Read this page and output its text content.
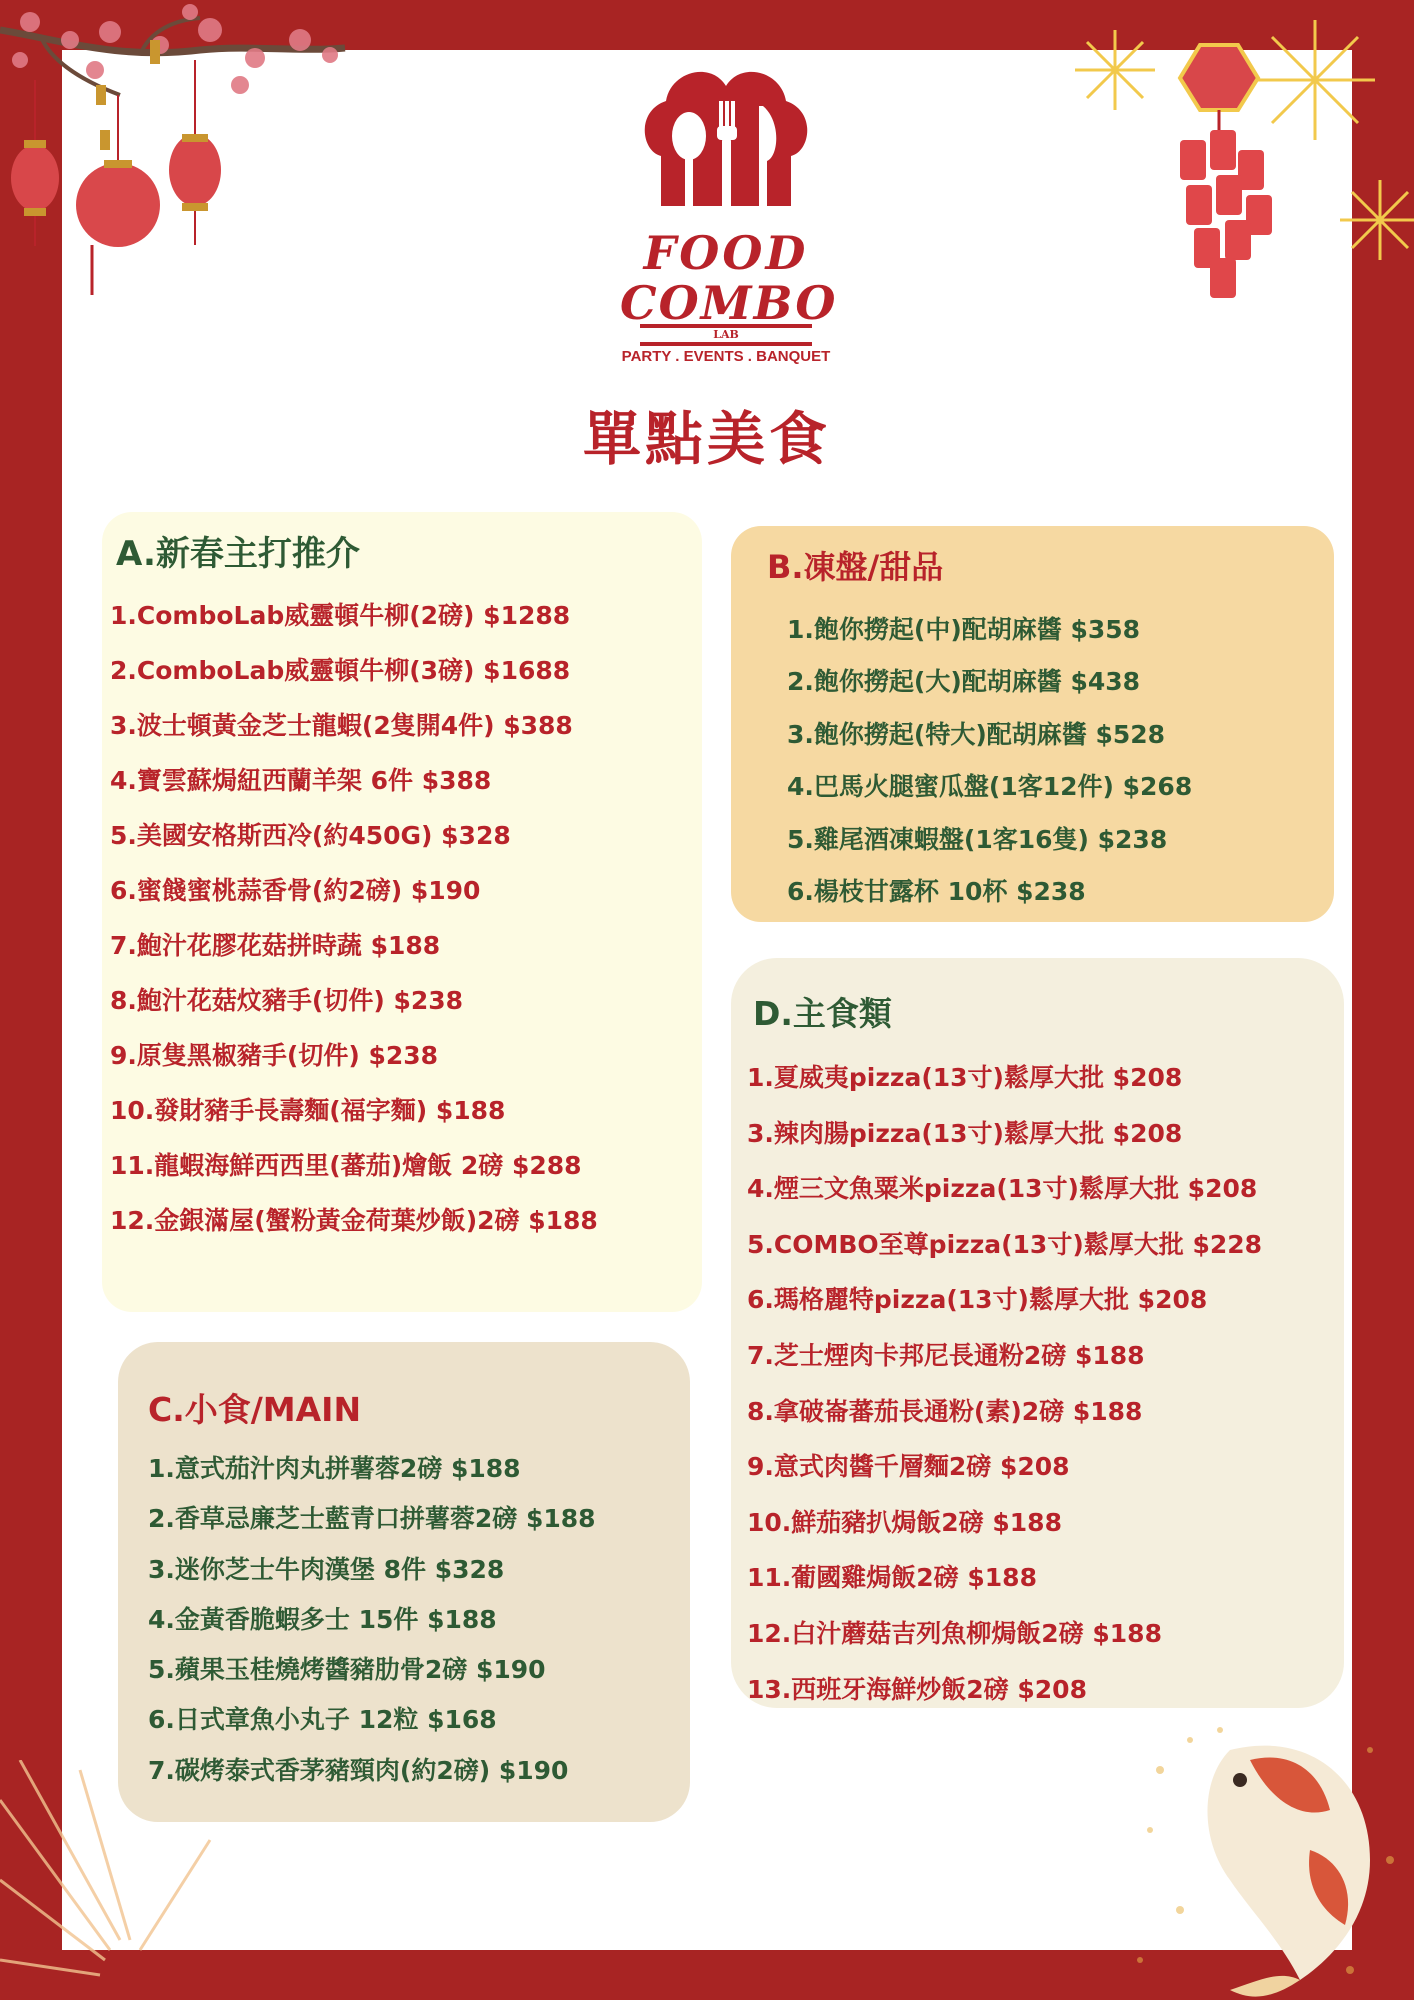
FOOD
COMBO
LAB
PARTY . EVENTS . BANQUET
單點美食
A.新春主打推介
1.ComboLab威靈頓牛柳(2磅) $1288
2.ComboLab威靈頓牛柳(3磅) $1688
3.波士頓黃金芝士龍蝦(2隻開4件) $388
4.寶雲蘇焗紐西蘭羊架 6件 $388
5.美國安格斯西冷(約450G) $328
6.蜜餞蜜桃蒜香骨(約2磅) $190
7.鮑汁花膠花菇拼時蔬 $188
8.鮑汁花菇炆豬手(切件) $238
9.原隻黑椒豬手(切件) $238
10.發財豬手長壽麵(福字麵) $188
11.龍蝦海鮮西西里(蕃茄)燴飯 2磅 $288
12.金銀滿屋(蟹粉黃金荷葉炒飯)2磅 $188
B.凍盤/甜品
1.飽你撈起(中)配胡麻醬 $358
2.飽你撈起(大)配胡麻醬 $438
3.飽你撈起(特大)配胡麻醬 $528
4.巴馬火腿蜜瓜盤(1客12件) $268
5.雞尾酒凍蝦盤(1客16隻) $238
6.楊枝甘露杯 10杯 $238
C.小食/MAIN
1.意式茄汁肉丸拼薯蓉2磅 $188
2.香草忌廉芝士藍青口拼薯蓉2磅 $188
3.迷你芝士牛肉漢堡 8件 $328
4.金黃香脆蝦多士 15件 $188
5.蘋果玉桂燒烤醬豬肋骨2磅 $190
6.日式章魚小丸子 12粒 $168
7.碳烤泰式香茅豬頸肉(約2磅) $190
D.主食類
1.夏威夷pizza(13寸)鬆厚大批 $208
3.辣肉腸pizza(13寸)鬆厚大批 $208
4.煙三文魚粟米pizza(13寸)鬆厚大批 $208
5.COMBO至尊pizza(13寸)鬆厚大批 $228
6.瑪格麗特pizza(13寸)鬆厚大批 $208
7.芝士煙肉卡邦尼長通粉2磅 $188
8.拿破崙蕃茄長通粉(素)2磅 $188
9.意式肉醬千層麵2磅 $208
10.鮮茄豬扒焗飯2磅 $188
11.葡國雞焗飯2磅 $188
12.白汁蘑菇吉列魚柳焗飯2磅 $188
13.西班牙海鮮炒飯2磅 $208
